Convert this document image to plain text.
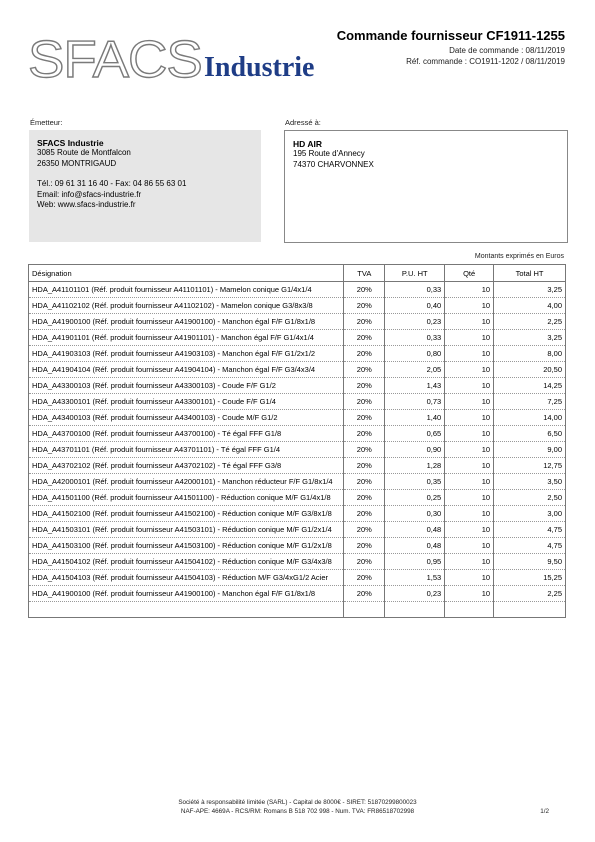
SFACS Industrie
Commande fournisseur CF1911-1255
Date de commande : 08/11/2019
Réf. commande : CO1911-1202 / 08/11/2019
Émetteur:	Adressé à:
SFACS Industrie
3085 Route de Montfalcon
26350 MONTRIGAUD
Tél.: 09 61 31 16 40 - Fax: 04 86 55 63 01
Email: info@sfacs-industrie.fr
Web: www.sfacs-industrie.fr
HD AIR
195 Route d'Annecy
74370 CHARVONNEX
Montants exprimés en Euros
Désignation	TVA	P.U. HT	Qté	Total HT
HDA_A41101101 (Réf. produit fournisseur A41101101) - Mamelon conique G1/4x1/4	20%	0,33	10	3,25
HDA_A41102102 (Réf. produit fournisseur A41102102) - Mamelon conique G3/8x3/8	20%	0,40	10	4,00
HDA_A41900100 (Réf. produit fournisseur A41900100) - Manchon égal F/F G1/8x1/8	20%	0,23	10	2,25
HDA_A41901101 (Réf. produit fournisseur A41901101) - Manchon égal F/F G1/4x1/4	20%	0,33	10	3,25
HDA_A41903103 (Réf. produit fournisseur A41903103) - Manchon égal F/F G1/2x1/2	20%	0,80	10	8,00
HDA_A41904104 (Réf. produit fournisseur A41904104) - Manchon égal F/F G3/4x3/4	20%	2,05	10	20,50
HDA_A43300103 (Réf. produit fournisseur A43300103) - Coude F/F G1/2	20%	1,43	10	14,25
HDA_A43300101 (Réf. produit fournisseur A43300101) - Coude F/F G1/4	20%	0,73	10	7,25
HDA_A43400103 (Réf. produit fournisseur A43400103) - Coude M/F G1/2	20%	1,40	10	14,00
HDA_A43700100 (Réf. produit fournisseur A43700100) - Té égal FFF G1/8	20%	0,65	10	6,50
HDA_A43701101 (Réf. produit fournisseur A43701101) - Té égal FFF G1/4	20%	0,90	10	9,00
HDA_A43702102 (Réf. produit fournisseur A43702102) - Té égal FFF G3/8	20%	1,28	10	12,75
HDA_A42000101 (Réf. produit fournisseur A42000101) - Manchon réducteur F/F G1/8x1/4	20%	0,35	10	3,50
HDA_A41501100 (Réf. produit fournisseur A41501100) - Réduction conique M/F G1/4x1/8	20%	0,25	10	2,50
HDA_A41502100 (Réf. produit fournisseur A41502100) - Réduction conique M/F G3/8x1/8	20%	0,30	10	3,00
HDA_A41503101 (Réf. produit fournisseur A41503101) - Réduction conique M/F G1/2x1/4	20%	0,48	10	4,75
HDA_A41503100 (Réf. produit fournisseur A41503100) - Réduction conique M/F G1/2x1/8	20%	0,48	10	4,75
HDA_A41504102 (Réf. produit fournisseur A41504102) - Réduction conique M/F G3/4x3/8	20%	0,95	10	9,50
HDA_A41504103 (Réf. produit fournisseur A41504103) - Réduction M/F G3/4xG1/2 Acier	20%	1,53	10	15,25
HDA_A41900100 (Réf. produit fournisseur A41900100) - Manchon égal F/F G1/8x1/8	20%	0,23	10	2,25

Société à responsabilité limitée (SARL) - Capital de 8000€ - SIRET: 51870299800023
NAF-APE: 4669A - RCS/RM: Romans B 518 702 998 - Num. TVA: FR86518702998	1/2
